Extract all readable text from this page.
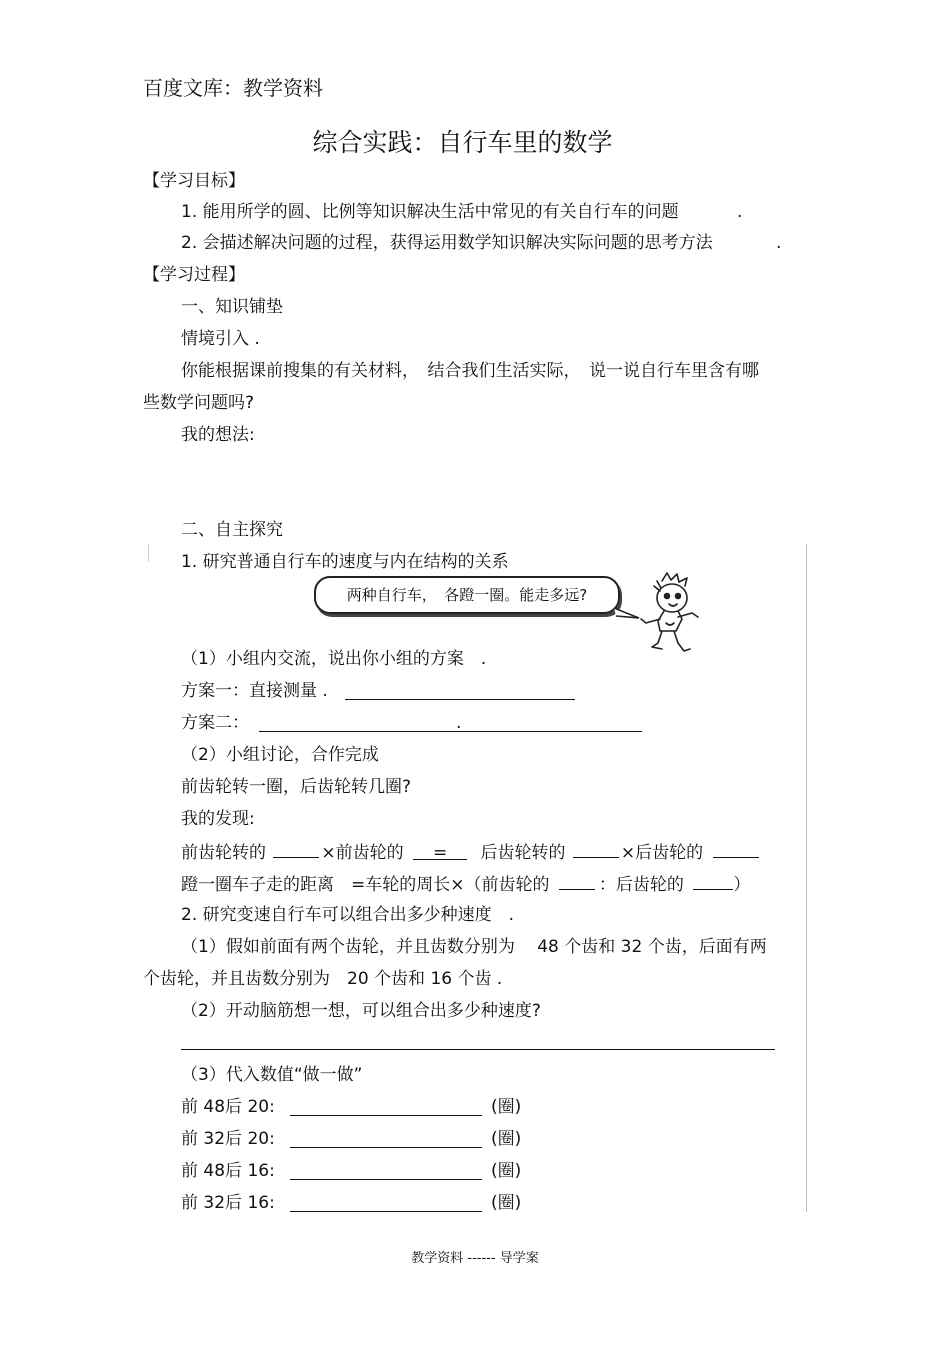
百度文库：教学资料
综合实践：自行车里的数学
【学习目标】
1. 能用所学的圆、比例等知识解决生活中常见的有关自行车的问题	.
2. 会描述解决问题的过程，获得运用数学知识解决实际问题的思考方法	.
【学习过程】
一、知识铺垫
情境引入 .
你能根据课前搜集的有关材料，　结合我们生活实际，　说一说自行车里含有哪
些数学问题吗?
我的想法:
二、自主探究
1. 研究普通自行车的速度与内在结构的关系
两种自行车，　各蹬一圈。能走多远?
（1）小组内交流，说出你小组的方案　.
方案一：直接测量 .
方案二：	.
（2）小组讨论，合作完成
前齿轮转一圈，后齿轮转几圈?
我的发现:
前齿轮转的	×前齿轮的 = 后齿轮转的	×后齿轮的
蹬一圈车子走的距离　=车轮的周长×（前齿轮的	：后齿轮的	）
2. 研究变速自行车可以组合出多少种速度　.
（1）假如前面有两个齿轮，并且齿数分别为　 48 个齿和 32 个齿，后面有两
个齿轮，并且齿数分别为　20 个齿和 16 个齿 .
（2）开动脑筋想一想，可以组合出多少种速度?
（3）代入数值“做一做”
前 48后 20:	(圈)
前 32后 20:	(圈)
前 48后 16:	(圈)
前 32后 16:	(圈)
教学资料 ------ 导学案
